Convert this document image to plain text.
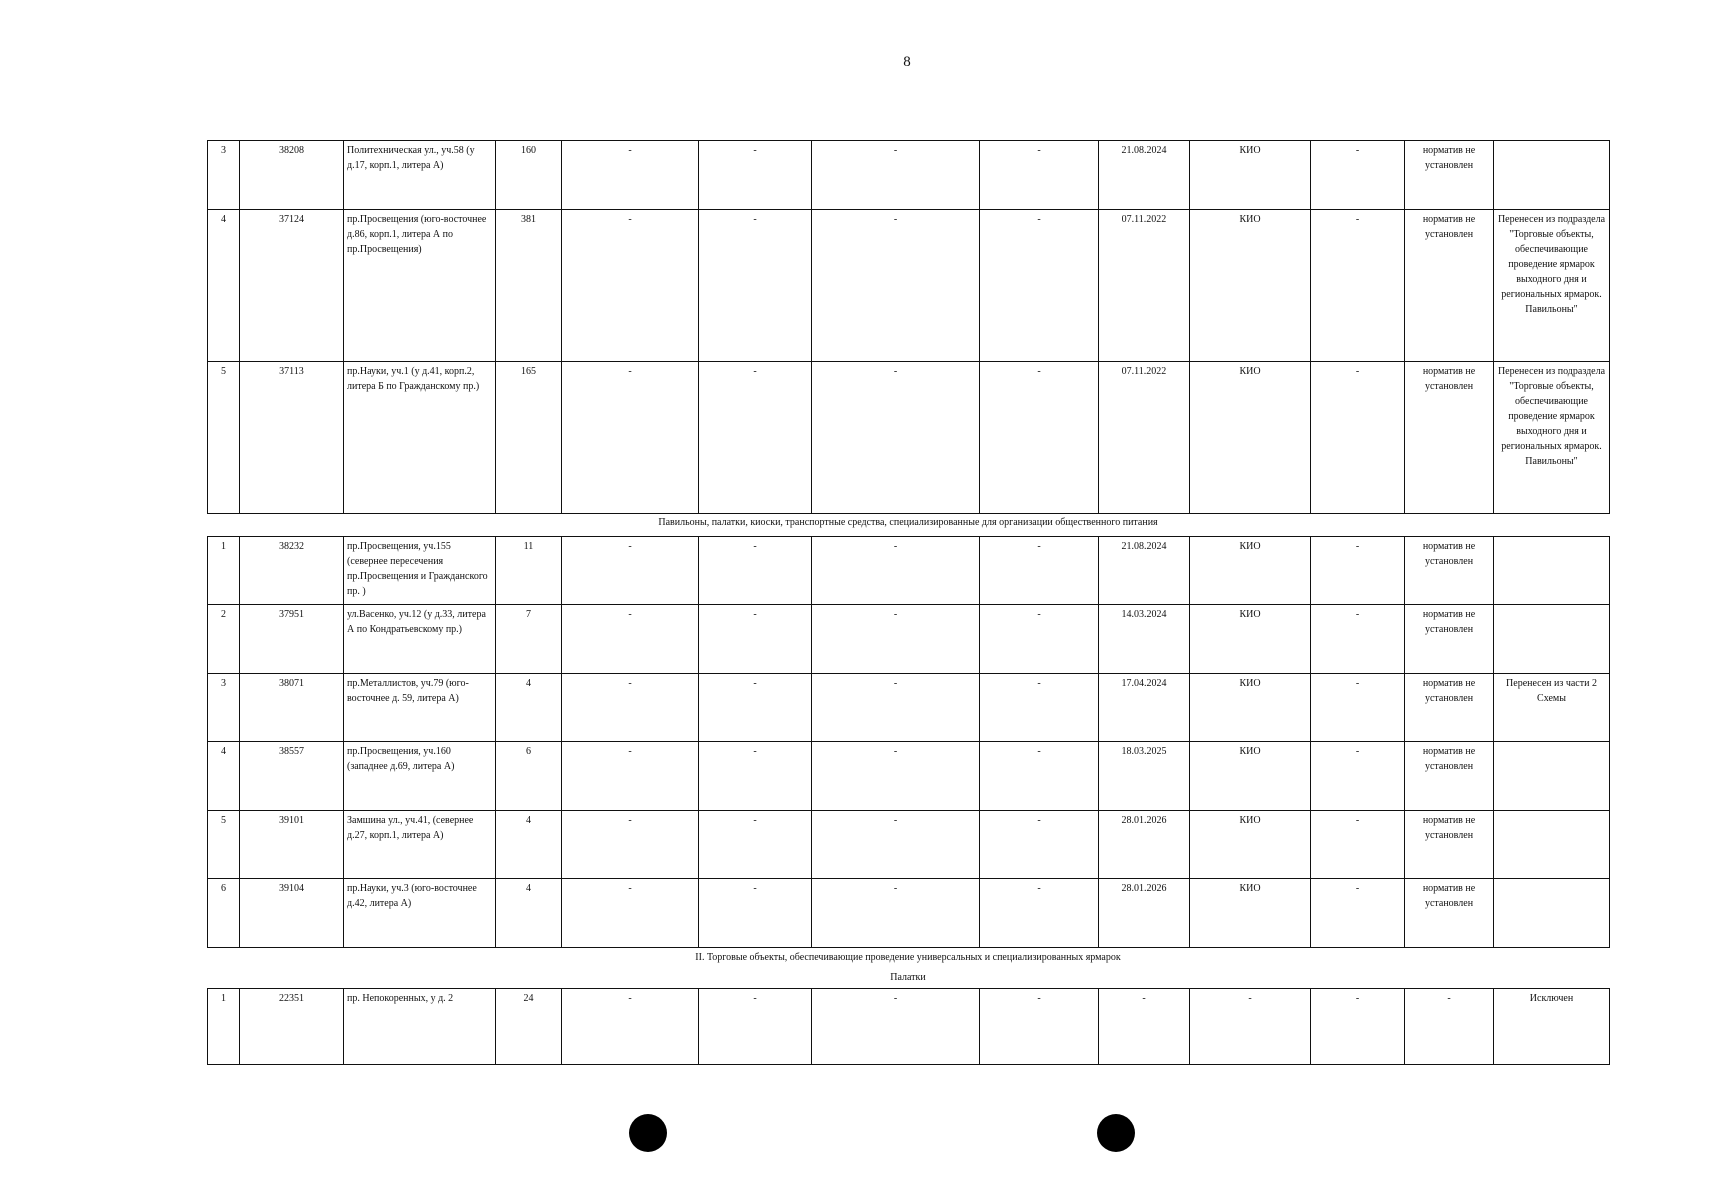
8
3	38208	Политехническая ул., уч.58 (у д.17, корп.1, литера А)	160	-	-	-	-	21.08.2024	КИО	-	норматив не установлен	
4	37124	пр.Просвещения (юго-восточнее д.86, корп.1, литера А по пр.Просвещения)	381	-	-	-	-	07.11.2022	КИО	-	норматив не установлен	Перенесен из подраздела "Торговые объекты, обеспечивающие проведение ярмарок выходного дня и региональных ярмарок. Павильоны"
5	37113	пр.Науки, уч.1 (у д.41, корп.2, литера Б по Гражданскому пр.)	165	-	-	-	-	07.11.2022	КИО	-	норматив не установлен	Перенесен из подраздела "Торговые объекты, обеспечивающие проведение ярмарок выходного дня и региональных ярмарок. Павильоны"
Павильоны, палатки, киоски, транспортные средства, специализированные для организации общественного питания
1	38232	пр.Просвещения, уч.155 (севернее пересечения пр.Просвещения и Гражданского пр. )	11	-	-	-	-	21.08.2024	КИО	-	норматив не установлен	
2	37951	ул.Васенко, уч.12 (у д.33, литера А по Кондратьевскому пр.)	7	-	-	-	-	14.03.2024	КИО	-	норматив не установлен	
3	38071	пр.Металлистов, уч.79 (юго-восточнее д. 59, литера А)	4	-	-	-	-	17.04.2024	КИО	-	норматив не установлен	Перенесен из части 2 Схемы
4	38557	пр.Просвещения, уч.160 (западнее д.69, литера А)	6	-	-	-	-	18.03.2025	КИО	-	норматив не установлен	
5	39101	Замшина ул., уч.41, (севернее д.27, корп.1, литера А)	4	-	-	-	-	28.01.2026	КИО	-	норматив не установлен	
6	39104	пр.Науки, уч.3 (юго-восточнее д.42, литера А)	4	-	-	-	-	28.01.2026	КИО	-	норматив не установлен	
II. Торговые объекты, обеспечивающие проведение универсальных и специализированных ярмарок
Палатки
1	22351	пр. Непокоренных, у д. 2	24	-	-	-	-	-	-	-	-	Исключен
